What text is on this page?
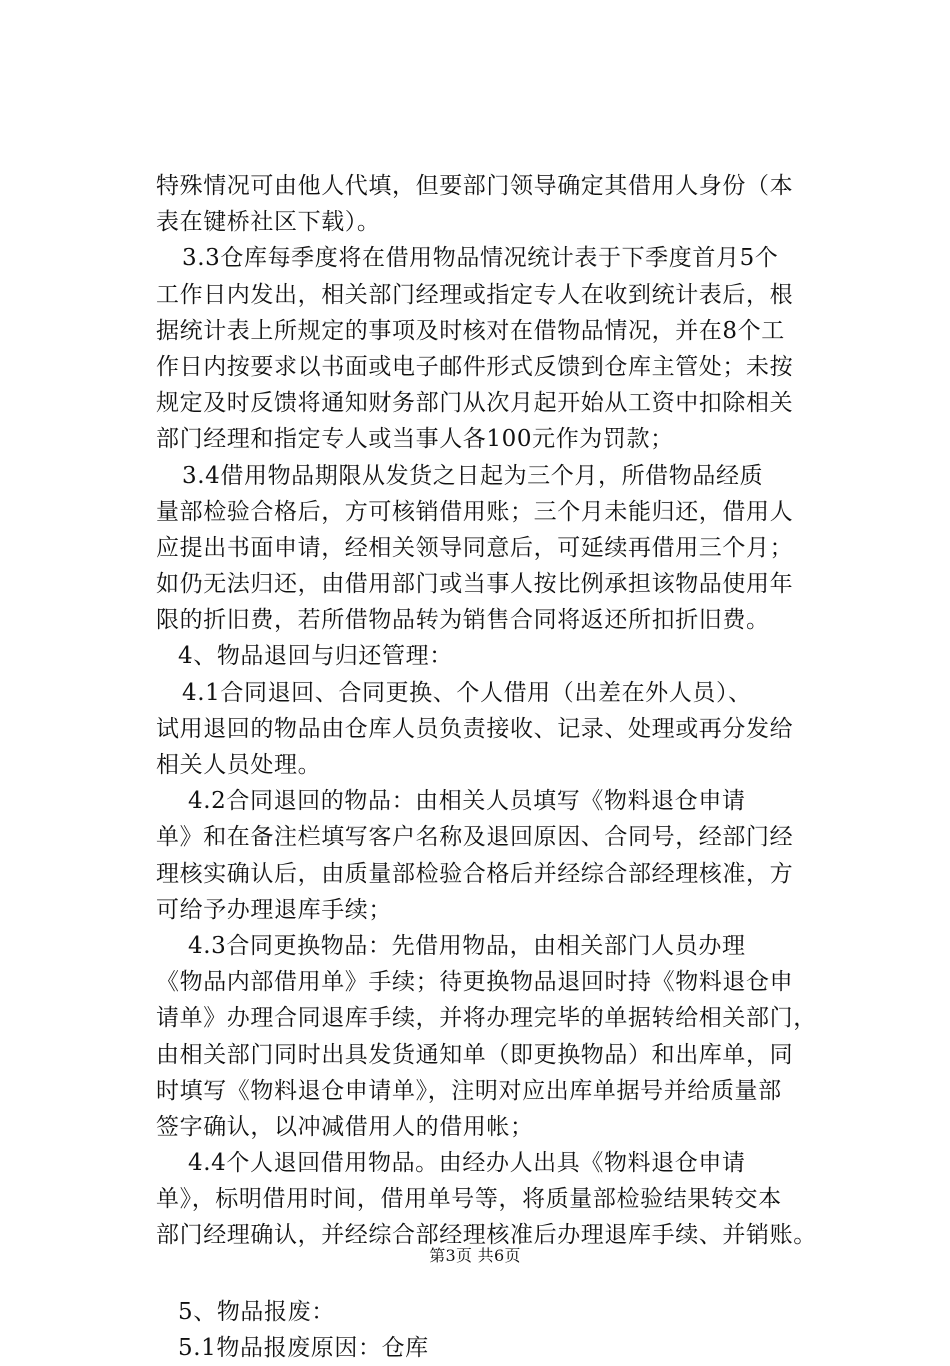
特殊情况可由他人代填，但要部门领导确定其借用人身份（本
表在键桥社区下载）。
3.3仓库每季度将在借用物品情况统计表于下季度首月5个
工作日内发出，相关部门经理或指定专人在收到统计表后，根
据统计表上所规定的事项及时核对在借物品情况，并在8个工
作日内按要求以书面或电子邮件形式反馈到仓库主管处；未按
规定及时反馈将通知财务部门从次月起开始从工资中扣除相关
部门经理和指定专人或当事人各100元作为罚款；
3.4借用物品期限从发货之日起为三个月，所借物品经质
量部检验合格后，方可核销借用账；三个月未能归还，借用人
应提出书面申请，经相关领导同意后，可延续再借用三个月；
如仍无法归还，由借用部门或当事人按比例承担该物品使用年
限的折旧费，若所借物品转为销售合同将返还所扣折旧费。
4、物品退回与归还管理：
4.1合同退回、合同更换、个人借用（出差在外人员）、
试用退回的物品由仓库人员负责接收、记录、处理或再分发给
相关人员处理。
4.2合同退回的物品：由相关人员填写《物料退仓申请
单》和在备注栏填写客户名称及退回原因、合同号，经部门经
理核实确认后，由质量部检验合格后并经综合部经理核准，方
可给予办理退库手续；
4.3合同更换物品：先借用物品，由相关部门人员办理
《物品内部借用单》手续；待更换物品退回时持《物料退仓申
请单》办理合同退库手续，并将办理完毕的单据转给相关部门，
由相关部门同时出具发货通知单（即更换物品）和出库单，同
时填写《物料退仓申请单》，注明对应出库单据号并给质量部
签字确认，以冲减借用人的借用帐；
4.4个人退回借用物品。由经办人出具《物料退仓申请
单》，标明借用时间，借用单号等，将质量部检验结果转交本
部门经理确认，并经综合部经理核准后办理退库手续、并销账。
5、物品报废：
5.1物品报废原因：仓库
第3页 共6页
